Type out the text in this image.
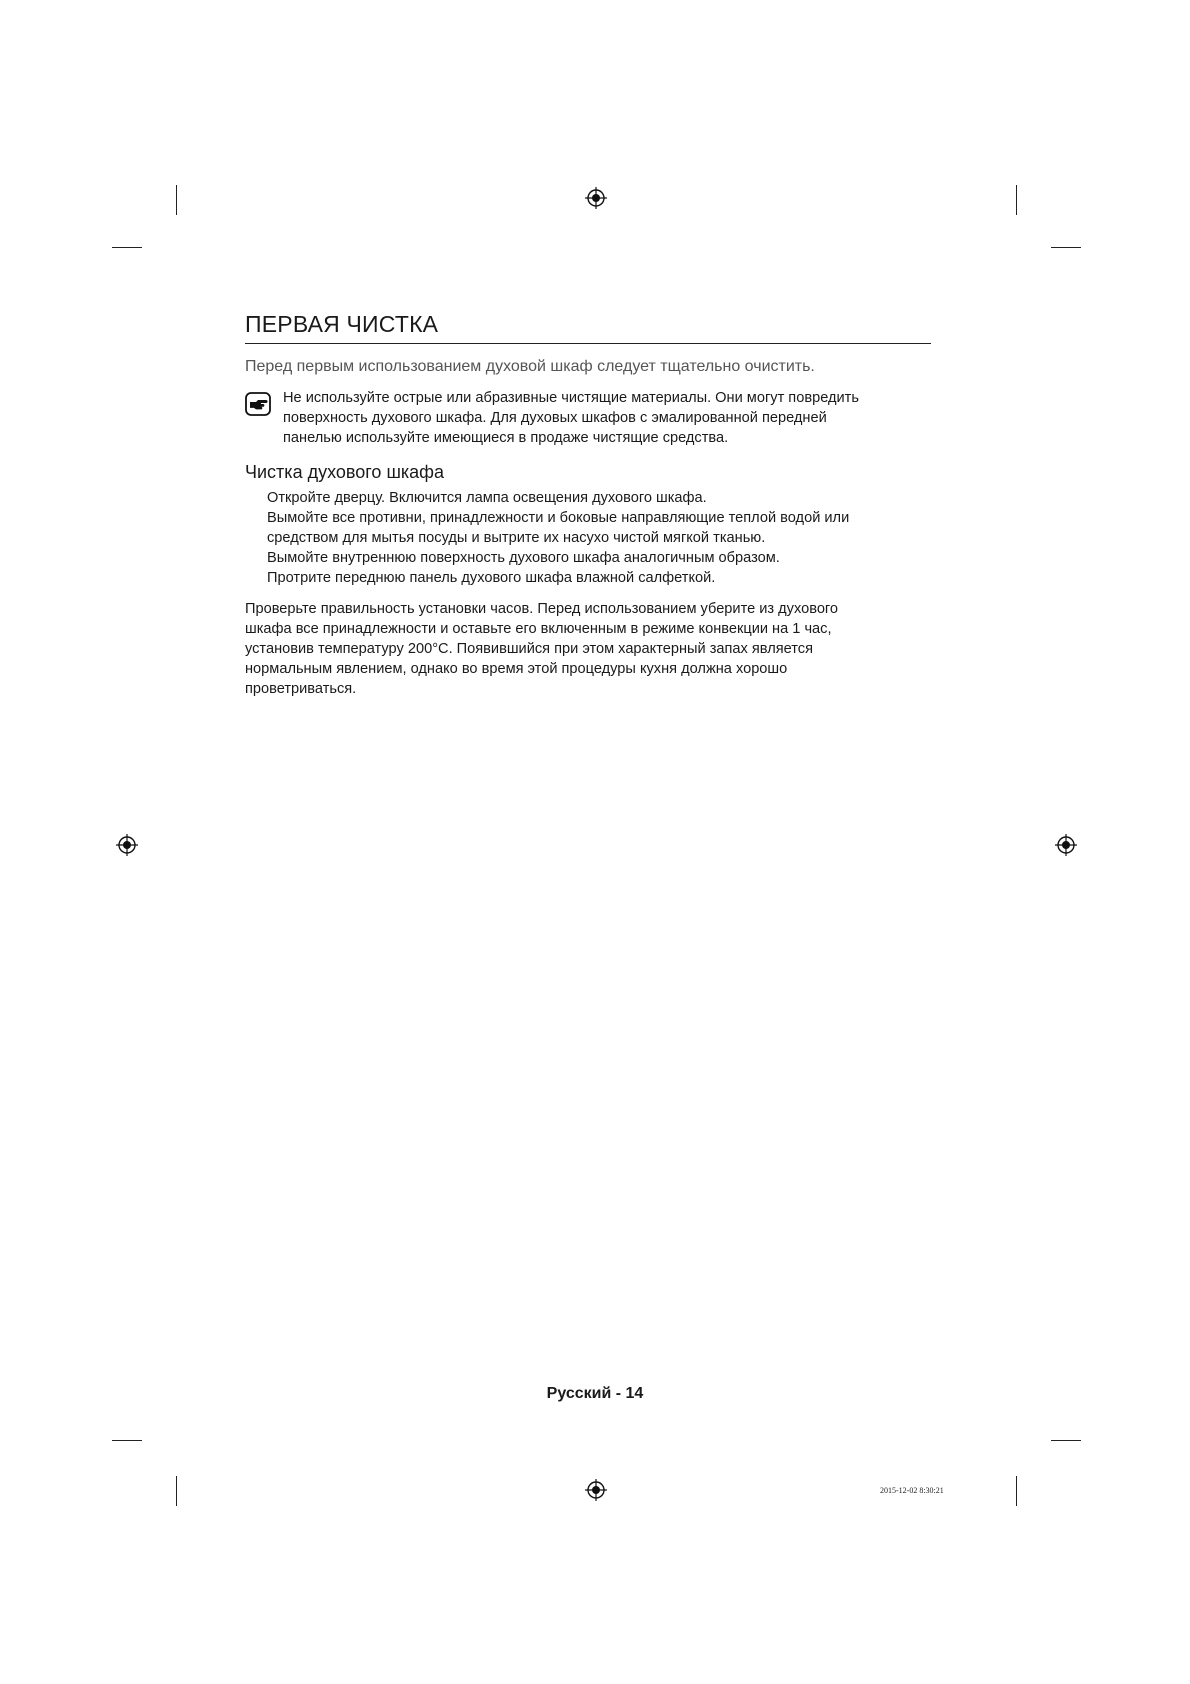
ПЕРВАЯ ЧИСТКА

Перед первым использованием духовой шкаф следует тщательно очистить.

Не используйте острые или абразивные чистящие материалы. Они могут повредить
поверхность духового шкафа. Для духовых шкафов с эмалированной передней
панелью используйте имеющиеся в продаже чистящие средства.
Чистка духового шкафа
Откройте дверцу. Включится лампа освещения духового шкафа.
Вымойте все противни, принадлежности и боковые направляющие теплой водой или
средством для мытья посуды и вытрите их насухо чистой мягкой тканью.
Вымойте внутреннюю поверхность духового шкафа аналогичным образом.
Протрите переднюю панель духового шкафа влажной салфеткой.
Проверьте правильность установки часов. Перед использованием уберите из духового
шкафа все принадлежности и оставьте его включенным в режиме конвекции на 1 час,
установив температуру 200°C. Появившийся при этом характерный запах является
нормальным явлением, однако во время этой процедуры кухня должна хорошо
проветриваться.
Русский - 14
2015-12-02 8:30:21
